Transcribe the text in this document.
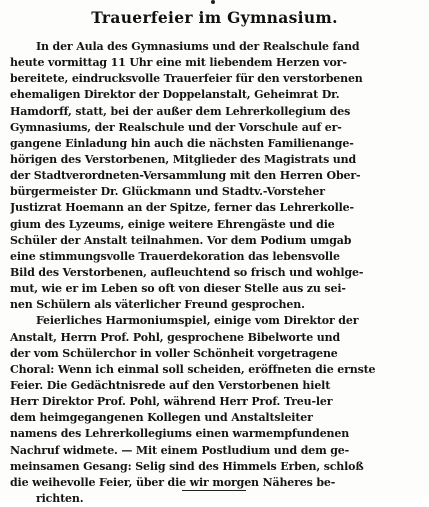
Trauerfeier im Gymnasium.
In der Aula des Gymnasiums und der Realschule fand
heute vormittag 11 Uhr eine mit liebendem Herzen vor-
bereitete, eindrucksvolle Trauerfeier für den verstorbenen
ehemaligen Direktor der Doppelanstalt, Geheimrat Dr.
Hamdorff, statt, bei der außer dem Lehrerkollegium des
Gymnasiums, der Realschule und der Vorschule auf er-
gangene Einladung hin auch die nächsten Familienange-
hörigen des Verstorbenen, Mitglieder des Magistrats und
der Stadtverordneten-Versammlung mit den Herren Ober-
bürgermeister Dr. Glückmann und Stadtv.-Vorsteher
Justizrat Hoemann an der Spitze, ferner das Lehrerkolle-
gium des Lyzeums, einige weitere Ehrengäste und die
Schüler der Anstalt teilnahmen. Vor dem Podium umgab
eine stimmungsvolle Trauerdekoration das lebensvolle
Bild des Verstorbenen, aufleuchtend so frisch und wohlge-
mut, wie er im Leben so oft von dieser Stelle aus zu sei-
nen Schülern als väterlicher Freund gesprochen.
Feierliches Harmoniumspiel, einige vom Direktor der
Anstalt, Herrn Prof. Pohl, gesprochene Bibelworte und
der vom Schülerchor in voller Schönheit vorgetragene
Choral: Wenn ich einmal soll scheiden, eröffneten die ernste
Feier. Die Gedächtnisrede auf den Verstorbenen hielt
Herr Direktor Prof. Pohl, während Herr Prof. Treu-ler
dem heimgegangenen Kollegen und Anstaltsleiter
namens des Lehrerkollegiums einen warmempfundenen
Nachruf widmete. — Mit einem Postludium und dem ge-
meinsamen Gesang: Selig sind des Himmels Erben, schloß
die weihevolle Feier, über die wir morgen Näheres be-
richten.
